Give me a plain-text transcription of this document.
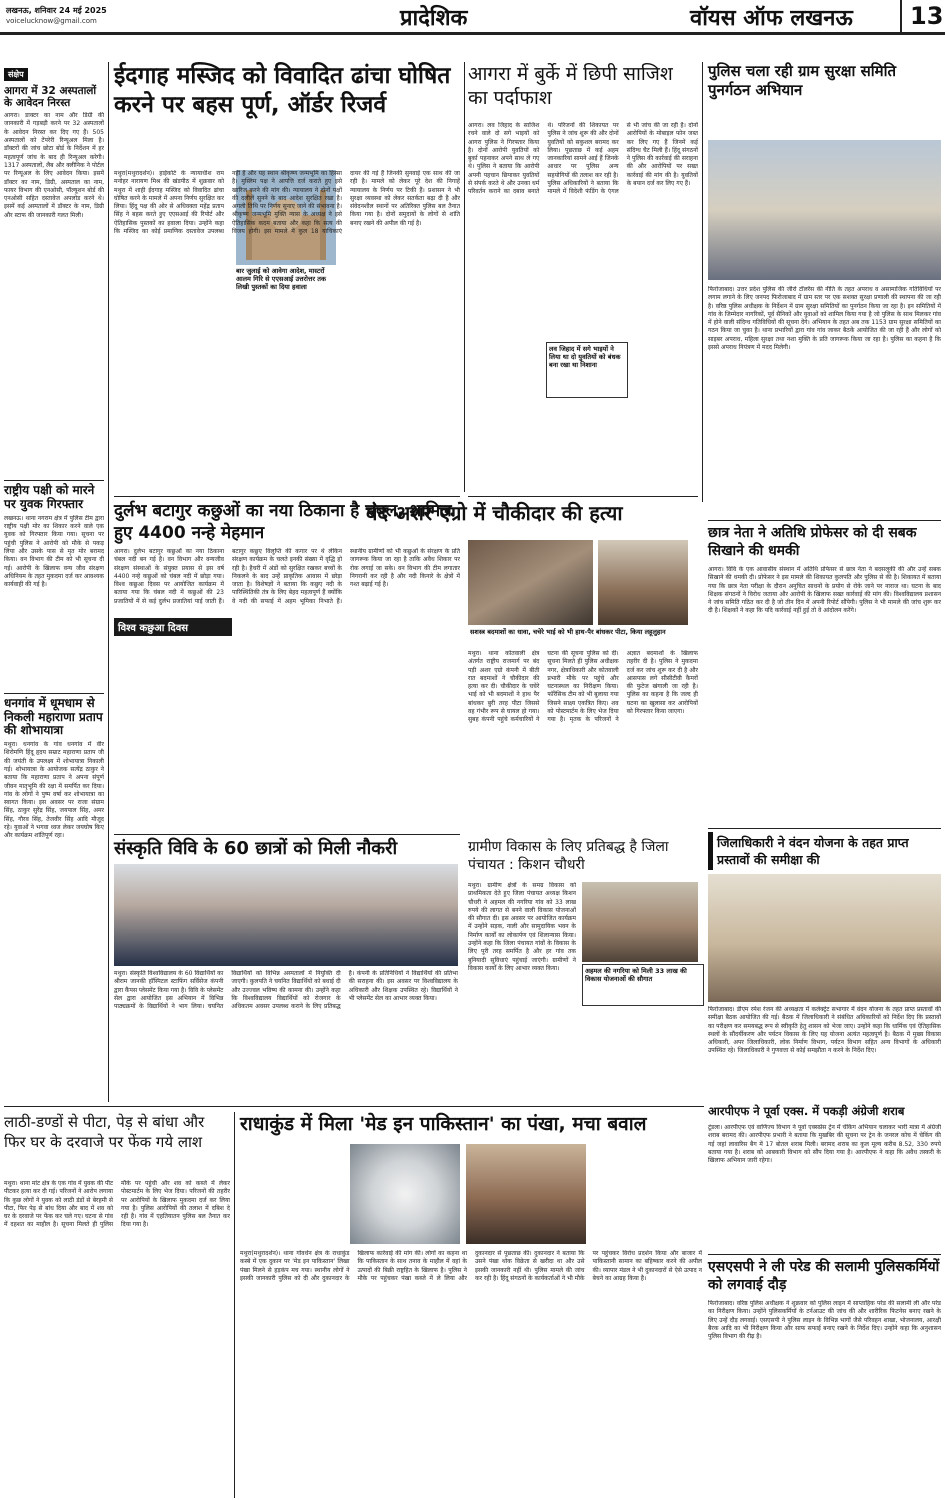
लखनऊ, शनिवार 24 मई 2025
voicelucknow@gmail.com	प्रादेशिक	वॉयस ऑफ लखनऊ 13
संक्षेप
आगरा में 32 अस्पतालों के आवेदन निरस्त
आगरा। डाक्टर का नाम और डिग्री की जानकारी में गड़बड़ी करने पर 32 अस्पतालों के आवेदन निरस्त कर दिए गए हैं। 505 अस्पतालों को टेंपरेरी रिन्यूअल मिला है। डॉक्टरों की जांच छोटा बोर्ड के निर्देशन में हर महत्वपूर्ण जांच के बाद ही रिन्यूअल करेगी। 1317 अस्पतालों, लैब और क्लीनिक ने पोर्टल पर रिन्यूअल के लिए आवेदन किया। इसमें डॉक्टर का नाम, डिग्री, अस्पताल का नाम, फायर विभाग की एनओसी, पॉल्यूशन बोर्ड की एनओसी सहित दस्तावेज अपलोड करने थे। इसमें कई अस्पतालों में डॉक्टर के नाम, डिग्री और स्टाफ की जानकारी गलत मिली।
राष्ट्रीय पक्षी को मारने पर युवक गिरफ्तार
लखनऊ। थाना नगराम क्षेत्र में पुलिस टीम द्वारा राष्ट्रीय पक्षी मोर का शिकार करने वाले एक युवक को गिरफ्तार किया गया। सूचना पर पहुंची पुलिस ने आरोपी को मौके से पकड़ लिया और उसके पास से मृत मोर बरामद किया। वन विभाग की टीम को भी सूचना दी गई। आरोपी के खिलाफ वन्य जीव संरक्षण अधिनियम के तहत मुकदमा दर्ज कर आवश्यक कार्यवाही की गई है।
धनगांव में धूमधाम से निकली महाराणा प्रताप की शोभायात्रा
मथुरा। धनगांव के गांव धनगांव में वीर शिरोमणि हिंदू हृदय सम्राट महाराणा प्रताप जी की जयंती के उपलक्ष्य में शोभायात्रा निकाली गई। शोभायात्रा के आयोजक सत्येंद्र ठाकुर ने बताया कि महाराणा प्रताप ने अपना संपूर्ण जीवन मातृभूमि की रक्षा में समर्पित कर दिया। गांव के लोगों ने पुष्प वर्षा कर शोभायात्रा का स्वागत किया। इस अवसर पर राजा संग्राम सिंह, ठाकुर सुरेंद्र सिंह, जयपाल सिंह, अमर सिंह, गौरव सिंह, तेजवीर सिंह आदि मौजूद रहे। युवाओं ने भगवा ध्वज लेकर जयघोष किए और कार्यक्रम शांतिपूर्ण रहा।
ईदगाह मस्जिद को विवादित ढांचा घोषित करने पर बहस पूर्ण, ऑर्डर रिजर्व
बार जुलाई को आवेगा आदेश, मास्टरों आलम गिरि से एएसआई उत्तरोत्तर तक लिखी पुस्तकों का दिया हवाला
मथुरा(मथुरादर्शन)। हाईकोर्ट के न्यायाधीश राम मनोहर नारायण मिश्र की खंडपीठ में शुक्रवार को मथुरा में शाही ईदगाह मस्जिद को विवादित ढांचा घोषित करने के मामले में अपना निर्णय सुरक्षित कर लिया। हिंदू पक्ष की ओर से अधिवक्ता महेंद्र प्रताप सिंह ने बहस करते हुए एएसआई की रिपोर्ट और ऐतिहासिक पुस्तकों का हवाला दिया। उन्होंने कहा कि मस्जिद का कोई प्रमाणिक दस्तावेज उपलब्ध नहीं है और यह स्थान श्रीकृष्ण जन्मभूमि का हिस्सा है। मुस्लिम पक्ष ने आपत्ति दर्ज कराते हुए इसे खारिज करने की मांग की। न्यायालय ने दोनों पक्षों की दलीलें सुनने के बाद आदेश सुरक्षित रखा है। अगली तिथि पर निर्णय सुनाए जाने की संभावना है। श्रीकृष्ण जन्मभूमि मुक्ति न्यास के अध्यक्ष ने इसे ऐतिहासिक कदम बताया और कहा कि सत्य की विजय होगी। इस मामले में कुल 18 याचिकाएं दायर की गई हैं जिनकी सुनवाई एक साथ की जा रही है। मामले को लेकर पूरे देश की निगाहें न्यायालय के निर्णय पर टिकी हैं। प्रशासन ने भी सुरक्षा व्यवस्था को लेकर सतर्कता बढ़ा दी है और संवेदनशील स्थानों पर अतिरिक्त पुलिस बल तैनात किया गया है। दोनों समुदायों के लोगों से शांति बनाए रखने की अपील की गई है।
आगरा में बुर्के में छिपी साजिश का पर्दाफाश
आगरा। लव जिहाद के साजिश रचने वाले दो सगे भाइयों को आगरा पुलिस ने गिरफ्तार किया है। दोनों आरोपी युवतियों को बुर्का पहनाकर अपने साथ ले गए थे। पुलिस ने बताया कि आरोपी अपनी पहचान छिपाकर युवतियों से संपर्क करते थे और उनका धर्म परिवर्तन कराने का दबाव बनाते थे। परिजनों की शिकायत पर पुलिस ने जांच शुरू की और दोनों युवतियों को सकुशल बरामद कर लिया। पूछताछ में कई अहम जानकारियां सामने आई हैं जिनके आधार पर पुलिस अन्य सहयोगियों की तलाश कर रही है। पुलिस अधिकारियों ने बताया कि मामले में विदेशी फंडिंग के एंगल से भी जांच की जा रही है। दोनों आरोपियों के मोबाइल फोन जब्त कर लिए गए हैं जिनमें कई संदिग्ध चैट मिली हैं। हिंदू संगठनों ने पुलिस की कार्रवाई की सराहना की और आरोपियों पर सख्त कार्रवाई की मांग की है। युवतियों के बयान दर्ज कर लिए गए हैं।
लव जिहाद में सगे भाइयों ने लिया था दो युवतियों को बंधक बना रखा था निशाना
पुलिस चला रही ग्राम सुरक्षा समिति पुनर्गठन अभियान
फिरोजाबाद। उत्तर प्रदेश पुलिस की जीरो टॉलरेंस की नीति के तहत अपराध व असामाजिक गतिविधियों पर लगाम लगाने के लिए जनपद फिरोजाबाद में ग्राम स्तर पर एक सशक्त सुरक्षा प्रणाली की स्थापना की जा रही है। वरिष्ठ पुलिस अधीक्षक के निर्देशन में ग्राम सुरक्षा समितियों का पुनर्गठन किया जा रहा है। इन समितियों में गांव के जिम्मेदार नागरिकों, पूर्व सैनिकों और युवाओं को शामिल किया गया है जो पुलिस के साथ मिलकर गांव में होने वाली संदिग्ध गतिविधियों की सूचना देंगे। अभियान के तहत अब तक 1153 ग्राम सुरक्षा समितियों का गठन किया जा चुका है। थाना प्रभारियों द्वारा गांव गांव जाकर बैठकें आयोजित की जा रही हैं और लोगों को साइबर अपराध, महिला सुरक्षा तथा नशा मुक्ति के प्रति जागरूक किया जा रहा है। पुलिस का कहना है कि इससे अपराध नियंत्रण में मदद मिलेगी।
दुर्लभ बटागुर कछुओं का नया ठिकाना है चंबल, शामिल हुए 4400 नन्हे मेहमान
आगरा। दुर्लभ बटागुर कछुओं का नया ठिकाना चंबल नदी बन गई है। वन विभाग और वन्यजीव संरक्षण संस्थाओं के संयुक्त प्रयास से इस वर्ष 4400 नन्हे कछुओं को चंबल नदी में छोड़ा गया। विश्व कछुआ दिवस पर आयोजित कार्यक्रम में बताया गया कि चंबल नदी में कछुओं की 23 प्रजातियों में से कई दुर्लभ प्रजातियां पाई जाती हैं। बटागुर कछुए विलुप्ति की कगार पर थे लेकिन संरक्षण कार्यक्रम के चलते इनकी संख्या में वृद्धि हो रही है। हैचरी में अंडों को सुरक्षित रखकर बच्चों के निकलने के बाद उन्हें प्राकृतिक आवास में छोड़ा जाता है। विशेषज्ञों ने बताया कि कछुए नदी के पारिस्थितिकी तंत्र के लिए बेहद महत्वपूर्ण हैं क्योंकि वे नदी की सफाई में अहम भूमिका निभाते हैं। स्थानीय ग्रामीणों को भी कछुओं के संरक्षण के प्रति जागरूक किया जा रहा है ताकि अवैध शिकार पर रोक लगाई जा सके। वन विभाग की टीम लगातार निगरानी कर रही है और नदी किनारे के क्षेत्रों में गश्त बढ़ाई गई है।
विश्व कछुआ दिवस
बंद अशर एग्रो में चौकीदार की हत्या
सशस्त्र बदमाशों का धावा, चचेरे भाई को भी हाथ-पैर बांधकर पीटा, किया लहूलुहान
मथुरा। थाना कोतवाली क्षेत्र अंतर्गत राष्ट्रीय राजमार्ग पर बंद पड़ी अशर एग्रो कंपनी में बीती रात बदमाशों ने चौकीदार की हत्या कर दी। चौकीदार के चचेरे भाई को भी बदमाशों ने हाथ पैर बांधकर बुरी तरह पीटा जिससे वह गंभीर रूप से घायल हो गया। सुबह कंपनी पहुंचे कर्मचारियों ने घटना की सूचना पुलिस को दी। सूचना मिलते ही पुलिस अधीक्षक नगर, क्षेत्राधिकारी और कोतवाली प्रभारी मौके पर पहुंचे और घटनास्थल का निरीक्षण किया। फॉरेंसिक टीम को भी बुलाया गया जिसने साक्ष्य एकत्रित किए। शव को पोस्टमार्टम के लिए भेज दिया गया है। मृतक के परिजनों ने अज्ञात बदमाशों के खिलाफ तहरीर दी है। पुलिस ने मुकदमा दर्ज कर जांच शुरू कर दी है और आसपास लगे सीसीटीवी कैमरों की फुटेज खंगाली जा रही है। पुलिस का कहना है कि जल्द ही घटना का खुलासा कर आरोपियों को गिरफ्तार किया जाएगा।
छात्र नेता ने अतिथि प्रोफेसर को दी सबक सिखाने की धमकी
आगरा। विवि के एक आवासीय संस्थान में अतिथि प्रोफेसर से छात्र नेता ने बदसलूकी की और उन्हें सबक सिखाने की धमकी दी। प्रोफेसर ने इस मामले की शिकायत कुलपति और पुलिस से की है। शिकायत में बताया गया कि छात्र नेता परीक्षा के दौरान अनुचित साधनों के प्रयोग से रोके जाने पर नाराज था। घटना के बाद शिक्षक संगठनों ने विरोध जताया और आरोपी के खिलाफ सख्त कार्रवाई की मांग की। विश्वविद्यालय प्रशासन ने जांच समिति गठित कर दी है जो तीन दिन में अपनी रिपोर्ट सौंपेगी। पुलिस ने भी मामले की जांच शुरू कर दी है। शिक्षकों ने कहा कि यदि कार्रवाई नहीं हुई तो वे आंदोलन करेंगे।
जिलाधिकारी ने वंदन योजना के तहत प्राप्त प्रस्तावों की समीक्षा की
फिरोजाबाद। डीएम रमेश रंजन की अध्यक्षता में कलेक्ट्रेट सभागार में वंदन योजना के तहत प्राप्त प्रस्तावों की समीक्षा बैठक आयोजित की गई। बैठक में जिलाधिकारी ने संबंधित अधिकारियों को निर्देश दिए कि प्रस्तावों का परीक्षण कर समयबद्ध रूप से स्वीकृति हेतु शासन को भेजा जाए। उन्होंने कहा कि धार्मिक एवं ऐतिहासिक स्थलों के सौंदर्यीकरण और पर्यटन विकास के लिए यह योजना अत्यंत महत्वपूर्ण है। बैठक में मुख्य विकास अधिकारी, अपर जिलाधिकारी, लोक निर्माण विभाग, पर्यटन विभाग सहित अन्य विभागों के अधिकारी उपस्थित रहे। जिलाधिकारी ने गुणवत्ता से कोई समझौता न करने के निर्देश दिए।
संस्कृति विवि के 60 छात्रों को मिली नौकरी
मथुरा। संस्कृति विश्वविद्यालय के 60 विद्यार्थियों का श्रीराम जानकी हॉस्पिटल स्टाफिंग सर्विसेज कंपनी द्वारा कैंपस प्लेसमेंट किया गया है। विवि के प्लेसमेंट सेल द्वारा आयोजित इस अभियान में विभिन्न पाठ्यक्रमों के विद्यार्थियों ने भाग लिया। चयनित विद्यार्थियों को विभिन्न अस्पतालों में नियुक्ति दी जाएगी। कुलपति ने चयनित विद्यार्थियों को बधाई दी और उज्ज्वल भविष्य की कामना की। उन्होंने कहा कि विश्वविद्यालय विद्यार्थियों को रोजगार के अधिकतम अवसर उपलब्ध कराने के लिए प्रतिबद्ध है। कंपनी के प्रतिनिधियों ने विद्यार्थियों की प्रतिभा की सराहना की। इस अवसर पर विश्वविद्यालय के अधिकारी और शिक्षक उपस्थित रहे। विद्यार्थियों ने भी प्लेसमेंट सेल का आभार व्यक्त किया।
ग्रामीण विकास के लिए प्रतिबद्ध है जिला पंचायत : किशन चौधरी
मथुरा। ग्रामीण क्षेत्रों के समग्र विकास को प्राथमिकता देते हुए जिला पंचायत अध्यक्ष किशन चौधरी ने अहमल की नगरिया गांव को 33 लाख रुपये की लागत से बनने वाली विकास योजनाओं की सौगात दी। इस अवसर पर आयोजित कार्यक्रम में उन्होंने सड़क, नाली और सामुदायिक भवन के निर्माण कार्यों का लोकार्पण एवं शिलान्यास किया। उन्होंने कहा कि जिला पंचायत गांवों के विकास के लिए पूरी तरह समर्पित है और हर गांव तक बुनियादी सुविधाएं पहुंचाई जाएंगी। ग्रामीणों ने विकास कार्यों के लिए आभार व्यक्त किया।	अहमल की नगरिया को मिली 33 लाख की विकास योजनाओं की सौगात
आरपीएफ ने पूर्वा एक्स. में पकड़ी अंग्रेजी शराब
टूंडला। आरपीएफ एवं वाणिज्य विभाग ने पूर्वा एक्सप्रेस ट्रेन में चेकिंग अभियान चलाकर भारी मात्रा में अंग्रेजी शराब बरामद की। आरपीएफ प्रभारी ने बताया कि मुखबिर की सूचना पर ट्रेन के जनरल कोच में चेकिंग की गई जहां लावारिस बैग में 17 बोतल शराब मिली। बरामद शराब का कुल मूल्य करीब 8.52, 330 रुपये बताया गया है। शराब को आबकारी विभाग को सौंप दिया गया है। आरपीएफ ने कहा कि अवैध तस्करी के खिलाफ अभियान जारी रहेगा।
एसएसपी ने ली परेड की सलामी पुलिसकर्मियों को लगवाई दौड़
फिरोजाबाद। वरिष्ठ पुलिस अधीक्षक ने शुक्रवार को पुलिस लाइन में साप्ताहिक परेड की सलामी ली और परेड का निरीक्षण किया। उन्होंने पुलिसकर्मियों के टर्नआउट की जांच की और शारीरिक फिटनेस बनाए रखने के लिए उन्हें दौड़ लगवाई। एसएसपी ने पुलिस लाइन के विभिन्न भागों जैसे परिवहन शाखा, भोजनालय, आरक्षी बैरक आदि का भी निरीक्षण किया और साफ सफाई बनाए रखने के निर्देश दिए। उन्होंने कहा कि अनुशासन पुलिस विभाग की रीढ़ है।
लाठी-डण्डों से पीटा, पेड़ से बांधा और फिर घर के दरवाजे पर फेंक गये लाश
मथुरा। थाना मांट क्षेत्र के एक गांव में युवक की पीट पीटकर हत्या कर दी गई। परिजनों ने आरोप लगाया कि कुछ लोगों ने युवक को लाठी डंडों से बेरहमी से पीटा, फिर पेड़ से बांध दिया और बाद में शव को घर के दरवाजे पर फेंक कर चले गए। घटना से गांव में दहशत का माहौल है। सूचना मिलते ही पुलिस मौके पर पहुंची और शव को कब्जे में लेकर पोस्टमार्टम के लिए भेज दिया। परिजनों की तहरीर पर आरोपियों के खिलाफ मुकदमा दर्ज कर लिया गया है। पुलिस आरोपियों की तलाश में दबिश दे रही है। गांव में एहतियातन पुलिस बल तैनात कर दिया गया है।
राधाकुंड में मिला 'मेड इन पाकिस्तान' का पंखा, मचा बवाल
मथुरा(मथुरादर्शन)। थाना गोवर्धन क्षेत्र के राधाकुंड कस्बे में एक दुकान पर 'मेड इन पाकिस्तान' लिखा पंखा मिलने से हड़कंप मच गया। स्थानीय लोगों ने इसकी जानकारी पुलिस को दी और दुकानदार के खिलाफ कार्रवाई की मांग की। लोगों का कहना था कि पाकिस्तान के साथ तनाव के माहौल में वहां के उत्पादों की बिक्री राष्ट्रहित के खिलाफ है। पुलिस ने मौके पर पहुंचकर पंखा कब्जे में ले लिया और दुकानदार से पूछताछ की। दुकानदार ने बताया कि उसने पंखा थोक विक्रेता से खरीदा था और उसे इसकी जानकारी नहीं थी। पुलिस मामले की जांच कर रही है। हिंदू संगठनों के कार्यकर्ताओं ने भी मौके पर पहुंचकर विरोध प्रदर्शन किया और बाजार में पाकिस्तानी सामान का बहिष्कार करने की अपील की। व्यापार मंडल ने भी दुकानदारों से ऐसे उत्पाद न बेचने का आग्रह किया है।
